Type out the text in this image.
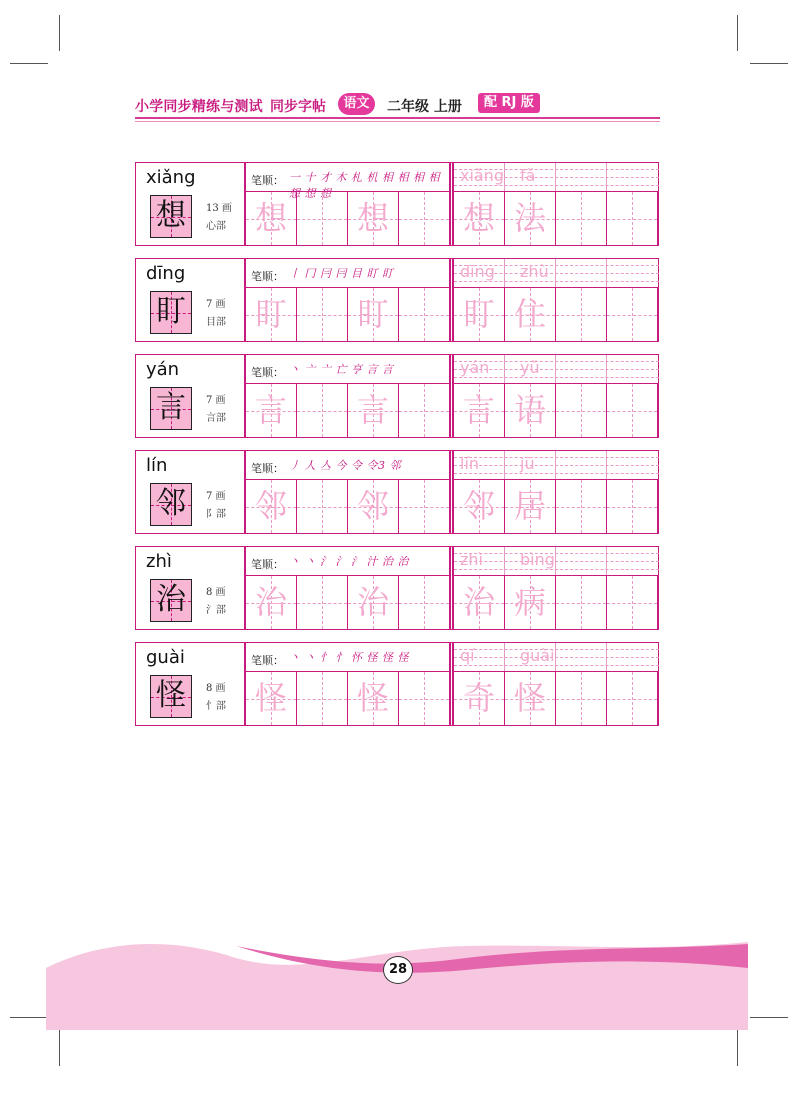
小学同步精练与测试 同步字帖	语文	二年级 上册	配 RJ 版
xiǎng
想	13 画
心部
笔顺： 一 十 才 木 札 机 相 相 相 相 想 想 想
xiǎng fǎ
想 想 想 法
dīng
盯	7 画
目部
笔顺： 丨 冂 冃 冃 目 盯 盯	dīng zhù
盯 盯 盯 住
yán
言	7 画
言部
笔顺： 丶 亠 亠 亡 亨 言 言	yán yǔ
言 言 言 语
lín
邻	7 画
阝部
笔顺： 丿 人 亼 今 令 令3 邻	lín	jū
邻 邻 邻 居
zhì
治	8 画
氵部
笔顺： 丶 丶 氵 氵 氵 汁 治 治	zhì bìng
治 治 治 病
guài
怪	8 画
忄部
笔顺： 丶 丶 忄 忄 怀 怪 怪 怪	qí	guài
怪 怪 奇 怪
28
